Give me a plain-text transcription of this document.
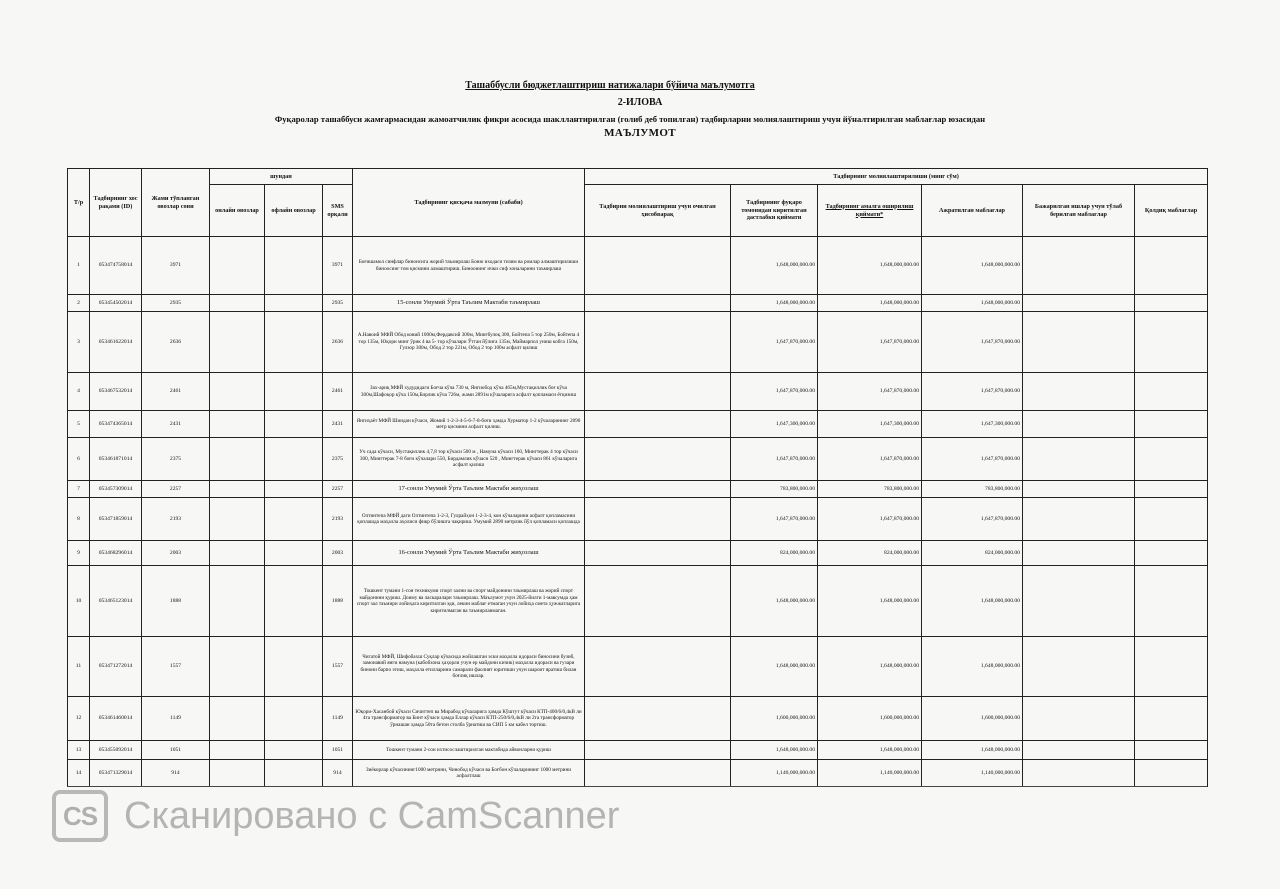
Ташаббусли бюджетлаштириш натижалари бўйича маълумотга
2-ИЛОВА
Фуқаролар ташаббуси жамғармасидан жамоатчилик фикри асосида шакллантирилган (голиб деб топилган) тадбирларни молиялаштириш учун йўналтирилган маблағлар юзасидан
МАЪЛУМОТ
Т/р	Тадбирнинг хос рақами (ID)	Жами тўпланган овозлар сони	шундан			Тадбирнинг қисқача мазмуни (сабаби)	Тадбирнинг молиялаштирилиши (минг сўм)					
			онлайн овозлар	офлайн овозлар	SMS орқали		Тадбирни молиялаштириш учун очилган ҳисобварақ	Тадбирнинг фуқаро томонидан киритилган дастлабки қиймати	Тадбирнинг амалга оширилиш қиймати*	Ажратилган маблағлар	Бажарилган ишлар учун тўлаб берилган маблағлар	Қолдиқ маблағлар
1	053474758014	3971			3971	Боғишамол синфлар бинонсига жорий таъмирлаш Боню иходаси тизим ва ромлар алмаштирилиши биноосинг том қисмини алмаштириш. Биноонинг ички сиф хоналарини таъмирлаш		1,648,000,000.00	1,648,000,000.00	1,648,000,000.00		
2	053454502014	2935			2935	15-сонли Умумий Ўрта Таълим Мактаби таъмирлаш		1,648,000,000.00	1,648,000,000.00	1,648,000,000.00		
3	053461622014	2636			2636	А.Навоий МФЙ Обод ковий 1000м,Фердавсий 300м, Мингбулоқ 300, Бойтепа 5 тор 250м, Бойтепа 4 тор 135м, Юқори минг ўрик 4 ва 5- тор кўчалари Ўтган йўлига 135м, Маймарпол униш кобга 150м, Гулзор 300м, Обод 2 тор 221м, Обод 2 тор 100м асфалт қилиш		1,647,870,000.00	1,647,870,000.00	1,647,870,000.00		
4	053467532014	2461			2461	Зах-ариқ МФЙ худудидаги Боғча кўча 730 м, Янгиобод кўча 465м,Мустақиллик боғ кўча 300м,Шафоқор кўча 150м,Бирлик кўча 726м, жами 2891м кўчаларига асфалт қопламаси ётқизиш		1,647,870,000.00	1,647,870,000.00	1,647,870,000.00		
5	053474365014	2431			2431	Янгиҳаёт МФЙ Шиндан кўчаси, Жомий 1-2-3-4-5-6-7-8-боғи ҳамда Хурматор 1-2 кўчаларининг 2890 метр қисмини асфалт қилиш.		1,647,300,000.00	1,647,300,000.00	1,647,300,000.00		
6	053461871014	2375			2375	Уч сада кўчаси, Мустақиллик 4,7,8 тор кўчаси 500 м , Намуна кўчаси 160, Мингтерак 4 тор кўчаси 300, Мингтерак 7-8 боғи кўчалари 550, Бирдамлик кўчаси 520 , Мингтерак кўчаси 861 кўчаларига асфалт қилиш		1,647,870,000.00	1,647,870,000.00	1,647,870,000.00		
7	053457309014	2257			2257	17-сонли Умумий Ўрта Таълим Мактаби жиҳозлаш		783,800,000.00	783,800,000.00	783,800,000.00		
8	053471859014	2193			2193	Олтинтепа МФЙ даги Олтинтепа 1-2-3, Гулрайҳон 1-2-3-4, кон кўчаларини асфалт қопламасини қоплашда маҳалла аҳолиси фикр бўлишга чақириш. Умумий 2890 метрлик йўл қопламаси қоплашда		1,647,870,000.00	1,647,870,000.00	1,647,870,000.00		
9	053468296014	2003			2003	16-сонли Умумий Ўрта Таълим Мактаби жиҳозлаш		824,000,000.00	824,000,000.00	824,000,000.00		
10	053465123014	1888			1888	Тошкент тумани 1-сон техникуми спорт зални ва спорт майдонини таъмирлаш ва жорий спорт майдонини қуриш. Доиму ва ласкаралари таъмирлаш. Маълумот учун 2025-йилги 1-мавсумда ҳам спорт зал таъмири лойиҳага киритилган эди, лекин маблағ етмаган учун лойиҳа смета ҳужжатларига киритилмаган ва таъмирланмаган.		1,648,000,000.00	1,648,000,000.00	1,648,000,000.00		
11	053471272014	1557			1557	Чигатой МФЙ, Шифобахш Суқлар кўчасида жойлашган эски маҳалла идораси биносини бузиб, замонавий янги намуна (кабобхона ҳаҳорли учун ер майдони кичик) маҳалла идораси ва гузари бинони барпо этиш, маҳалла етилларини самарали фаолият юритиши учун шароит яратиш билан боғлиқ ишлар.		1,648,000,000.00	1,648,000,000.00	1,648,000,000.00		
12	053461460014	1149			1149	Юқори-Хасанбой кўчаси Сичиттеп ва Мирабод кўчаларига ҳамда Кўштут кўчаси КТП-400/6/0,4кВ ли 4та трансформатор ва Бинт кўчаси ҳамда Еллар кўчаси КТП-250/6/0,4кВ ли 2та трансформатор ўрнашан ҳамда 50та бетон столба ўрнатиш ва СИП 5 км кабел тортиш.		1,600,000,000.00	1,600,000,000.00	1,600,000,000.00		
13	053455092014	1051			1051	Тошкент тумани 2-сон ихтисослаштирилган мактабида айвонларни қуриш		1,648,000,000.00	1,648,000,000.00	1,648,000,000.00		
14	053471329014	914			914	Зиёкорлар кўчасининг1000 метрини, Чинобод кўчаси ва Боғбон кўчаларининг 1000 метрини асфалтлаш		1,140,000,000.00	1,140,000,000.00	1,140,000,000.00		
CS Сканировано с CamScanner
